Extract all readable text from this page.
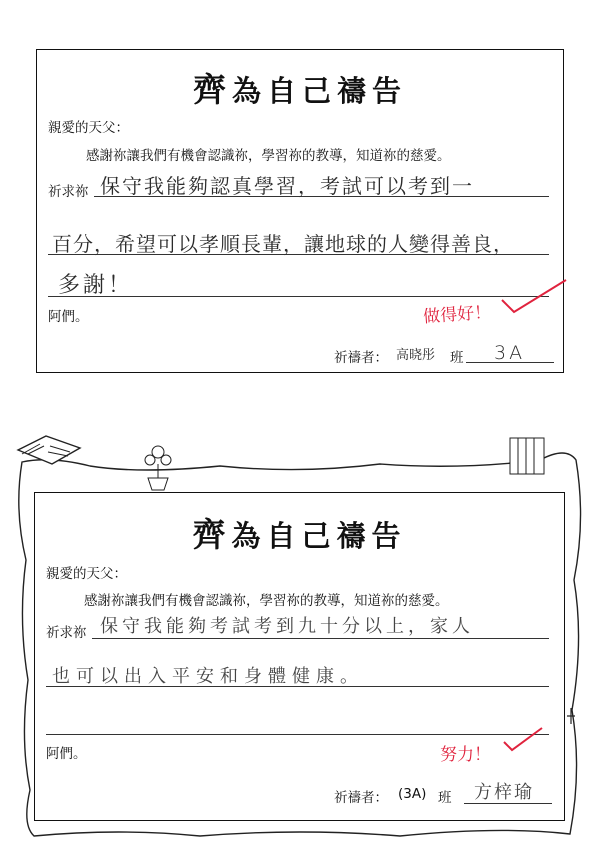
齊為自己禱告
親愛的天父：
感謝祢讓我們有機會認識祢，學習祢的教導，知道祢的慈愛。
祈求祢 保守我能夠認真學習，考試可以考到一
百分，希望可以孝順長輩，讓地球的人變得善良，
多謝！
阿們。	做得好！
祈禱者： 高晓彤 班 3A
齊為自己禱告
親愛的天父：
感謝祢讓我們有機會認識祢，學習祢的教導，知道祢的慈愛。
祈求祢 保守我能夠考試考到九十分以上，家人
也可以出入平安和身體健康。
阿們。	努力！
祈禱者： (3A) 班 方梓瑜
